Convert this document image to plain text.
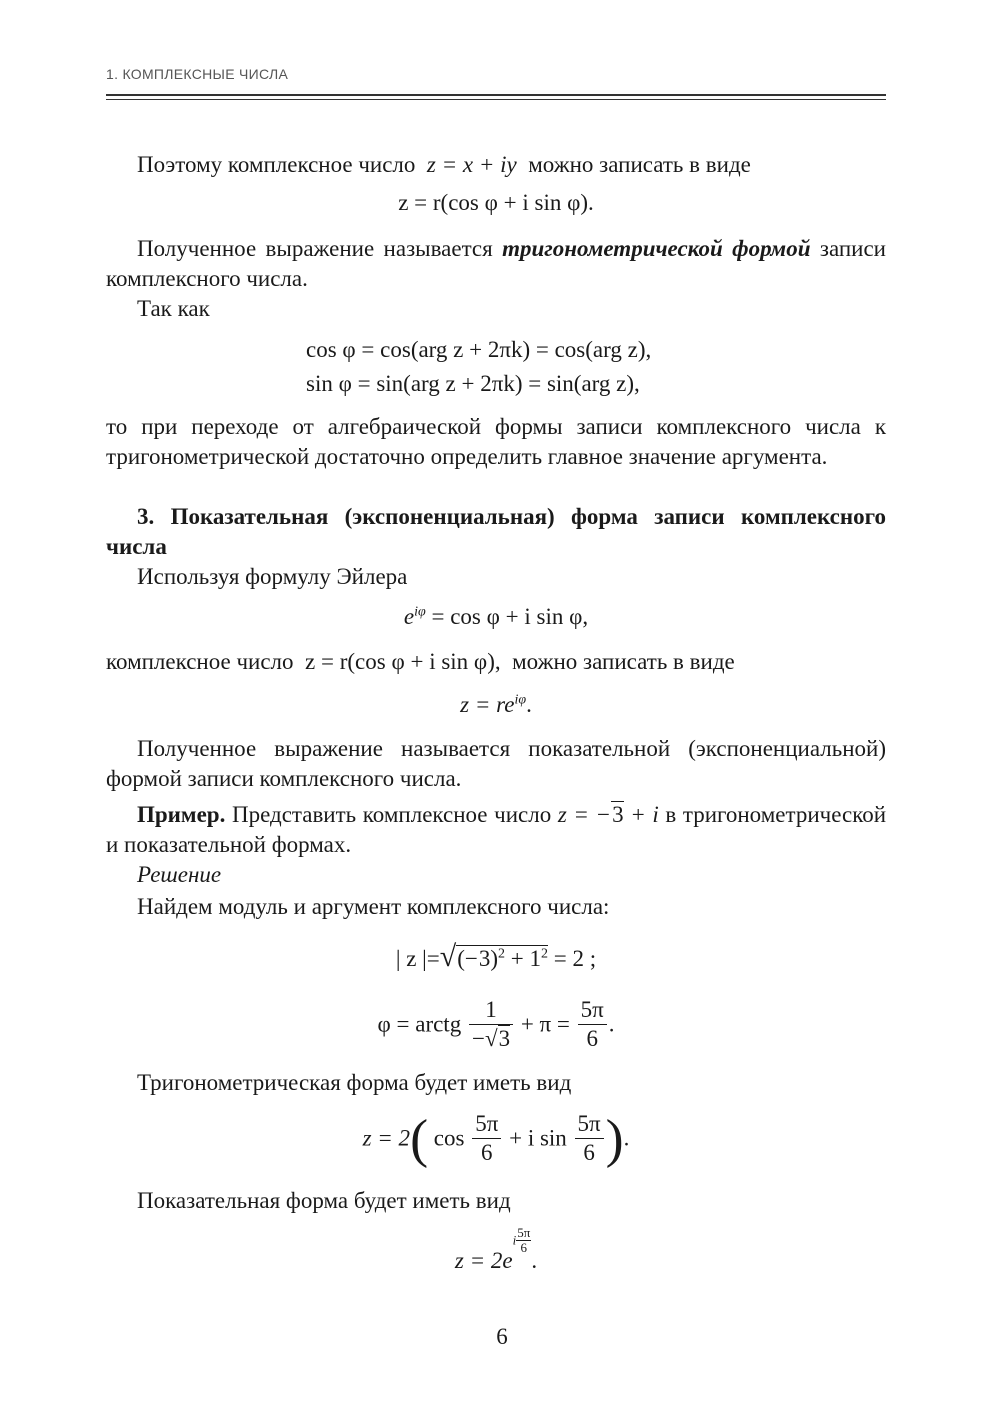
1. КОМПЛЕКСНЫЕ ЧИСЛА
Поэтому комплексное число z = x + iy можно записать в виде
z = r(cos φ + i sin φ).
Полученное выражение называется тригонометрической формой записи комплексного числа.
Так как
cos φ = cos(arg z + 2πk) = cos(arg z),
sin φ = sin(arg z + 2πk) = sin(arg z),
то при переходе от алгебраической формы записи комплексного числа к тригонометрической достаточно определить главное значение аргумента.
3. Показательная (экспоненциальная) форма записи комплексного числа
Используя формулу Эйлера
$e^{i\varphi} = \cos \varphi + i$ sin φ,
комплексное число z = r(cos φ + i sin φ), можно записать в виде
$z = re^{i\varphi}$.
Полученное выражение называется показательной (экспоненциальной) формой записи комплексного числа.
Пример. Представить комплексное число z = −3 + i в тригонометрической и показательной формах.
Решение
Найдем модуль и аргумент комплексного числа:
| z $|=√(-3)^2 + 1^2 = 2$ ;
φ = arctg $\frac{1}{-√3} + \pi = \frac{5\pi}{6}$ .
Тригонометрическая форма будет иметь вид
z = 2( $\cos \frac{5\pi}{6} + i$ $\sin \frac{5\pi}{6}$ ).
Показательная форма будет иметь вид
$z = 2ei \frac{5\pi}{6}$
.
6
